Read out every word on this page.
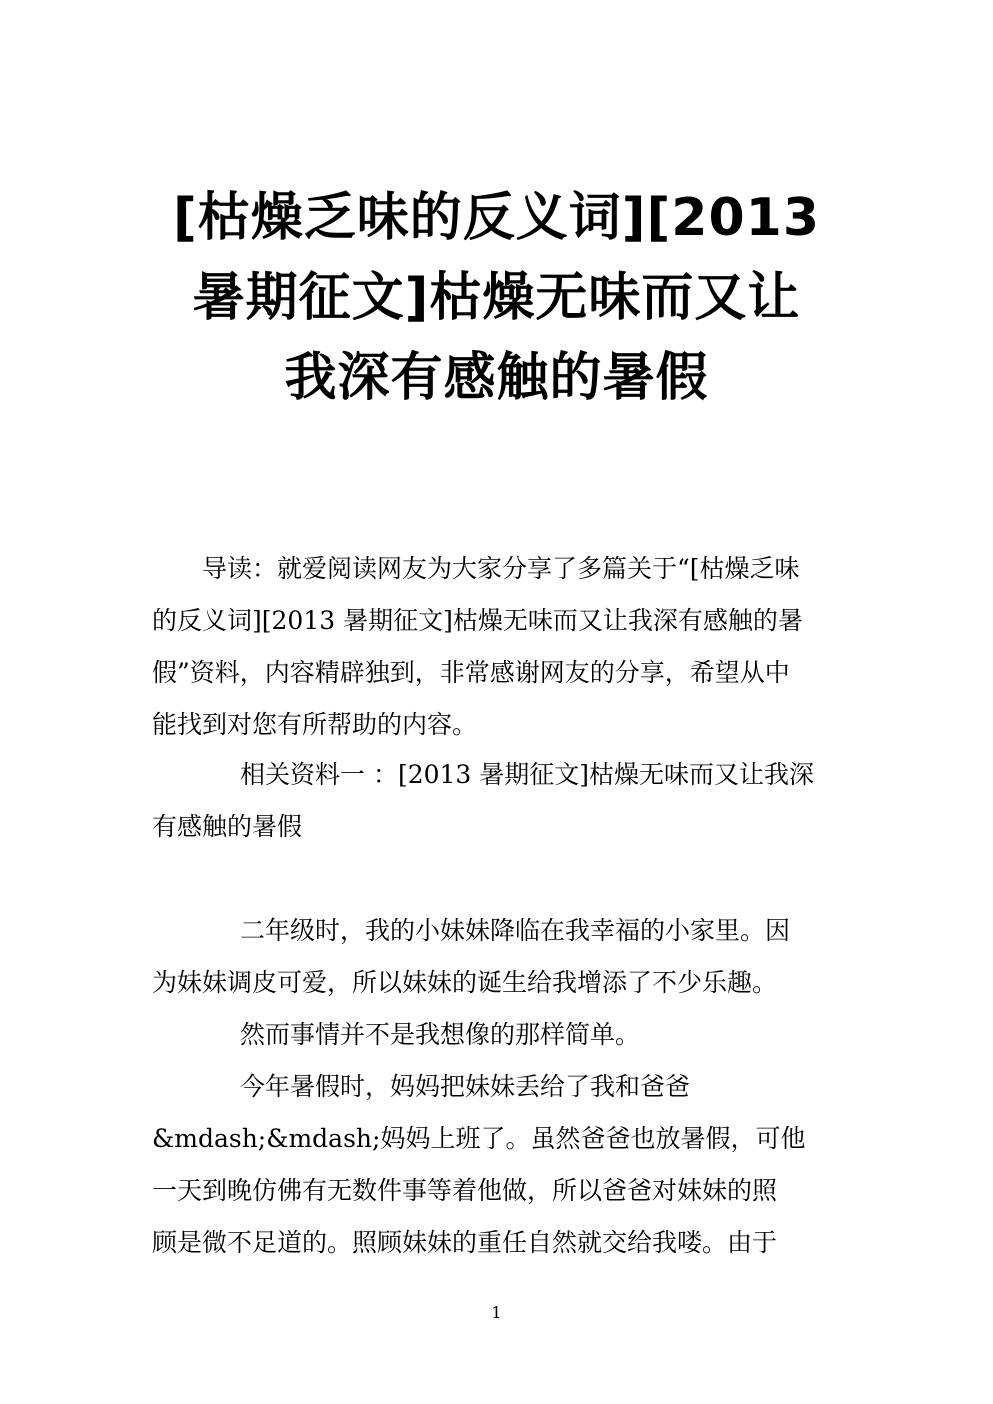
[枯燥乏味的反义词][2013
暑期征文]枯燥无味而又让
我深有感触的暑假
导读：就爱阅读网友为大家分享了多篇关于“[枯燥乏味
的反义词][2013 暑期征文]枯燥无味而又让我深有感触的暑
假”资料，内容精辟独到，非常感谢网友的分享，希望从中
能找到对您有所帮助的内容。
相关资料一 ：[2013 暑期征文]枯燥无味而又让我深
有感触的暑假
二年级时，我的小妹妹降临在我幸福的小家里。因
为妹妹调皮可爱，所以妹妹的诞生给我增添了不少乐趣。
然而事情并不是我想像的那样简单。
今年暑假时，妈妈把妹妹丢给了我和爸爸
&mdash;&mdash;妈妈上班了。虽然爸爸也放暑假，可他
一天到晚仿佛有无数件事等着他做，所以爸爸对妹妹的照
顾是微不足道的。照顾妹妹的重任自然就交给我喽。由于
1
